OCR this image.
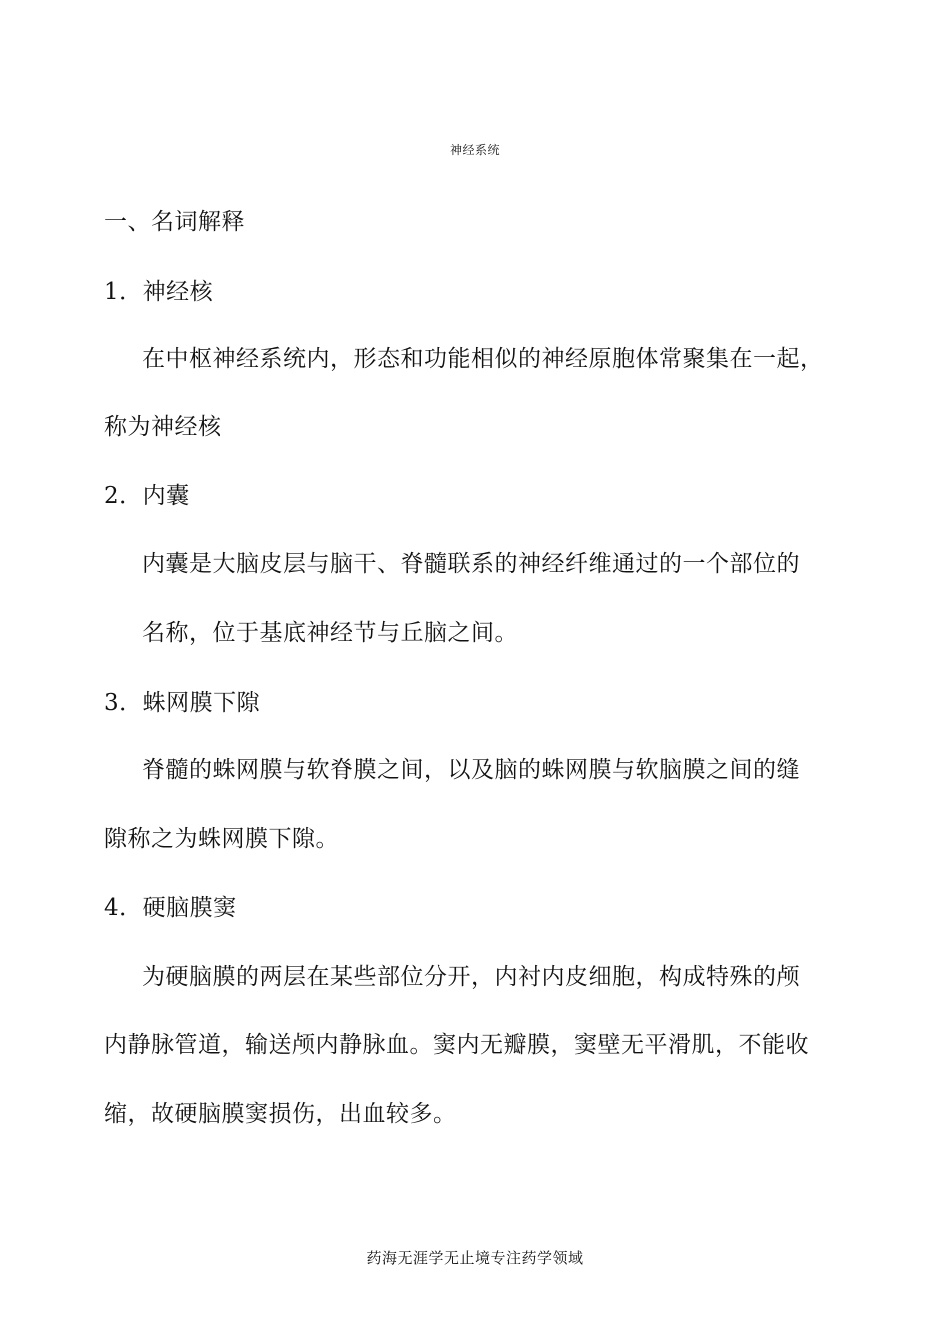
神经系统
一、名词解释
1．神经核
在中枢神经系统内，形态和功能相似的神经原胞体常聚集在一起，
称为神经核
2．内囊
内囊是大脑皮层与脑干、脊髓联系的神经纤维通过的一个部位的
名称，位于基底神经节与丘脑之间。
3．蛛网膜下隙
脊髓的蛛网膜与软脊膜之间，以及脑的蛛网膜与软脑膜之间的缝
隙称之为蛛网膜下隙。
4．硬脑膜窦
为硬脑膜的两层在某些部位分开，内衬内皮细胞，构成特殊的颅
内静脉管道，输送颅内静脉血。窦内无瓣膜，窦壁无平滑肌，不能收
缩，故硬脑膜窦损伤，出血较多。
药海无涯学无止境专注药学领域
